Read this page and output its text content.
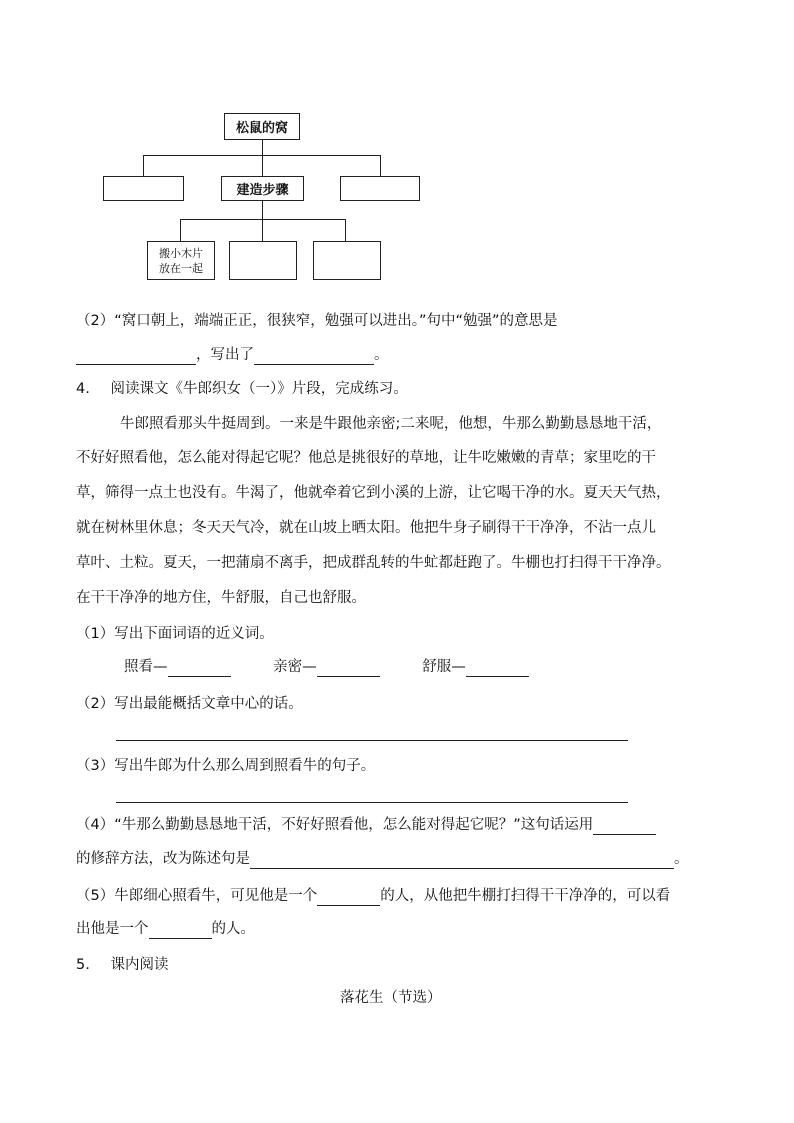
松鼠的窝
建造步骤
搬小木片
放在一起
（2）“窝口朝上，端端正正，很狭窄，勉强可以进出。”句中“勉强”的意思是
，写出了	。
4. 阅读课文《牛郎织女（一）》片段，完成练习。
牛郎照看那头牛挺周到。一来是牛跟他亲密;二来呢，他想，牛那么勤勤恳恳地干活，
不好好照看他，怎么能对得起它呢？他总是挑很好的草地，让牛吃嫩嫩的青草；家里吃的干
草，筛得一点土也没有。牛渴了，他就牵着它到小溪的上游，让它喝干净的水。夏天天气热，
就在树林里休息；冬天天气冷，就在山坡上晒太阳。他把牛身子刷得干干净净，不沾一点儿
草叶、土粒。夏天，一把蒲扇不离手，把成群乱转的牛虻都赶跑了。牛棚也打扫得干干净净。
在干干净净的地方住，牛舒服，自己也舒服。
（1）写出下面词语的近义词。
照看—	亲密—	舒服—
（2）写出最能概括文章中心的话。
（3）写出牛郎为什么那么周到照看牛的句子。
（4）“牛那么勤勤恳恳地干活，不好好照看他，怎么能对得起它呢？”这句话运用
的修辞方法，改为陈述句是	。
（5）牛郎细心照看牛，可见他是一个	的人，从他把牛棚打扫得干干净净的，可以看
出他是一个	的人。
5. 课内阅读
落花生（节选）
